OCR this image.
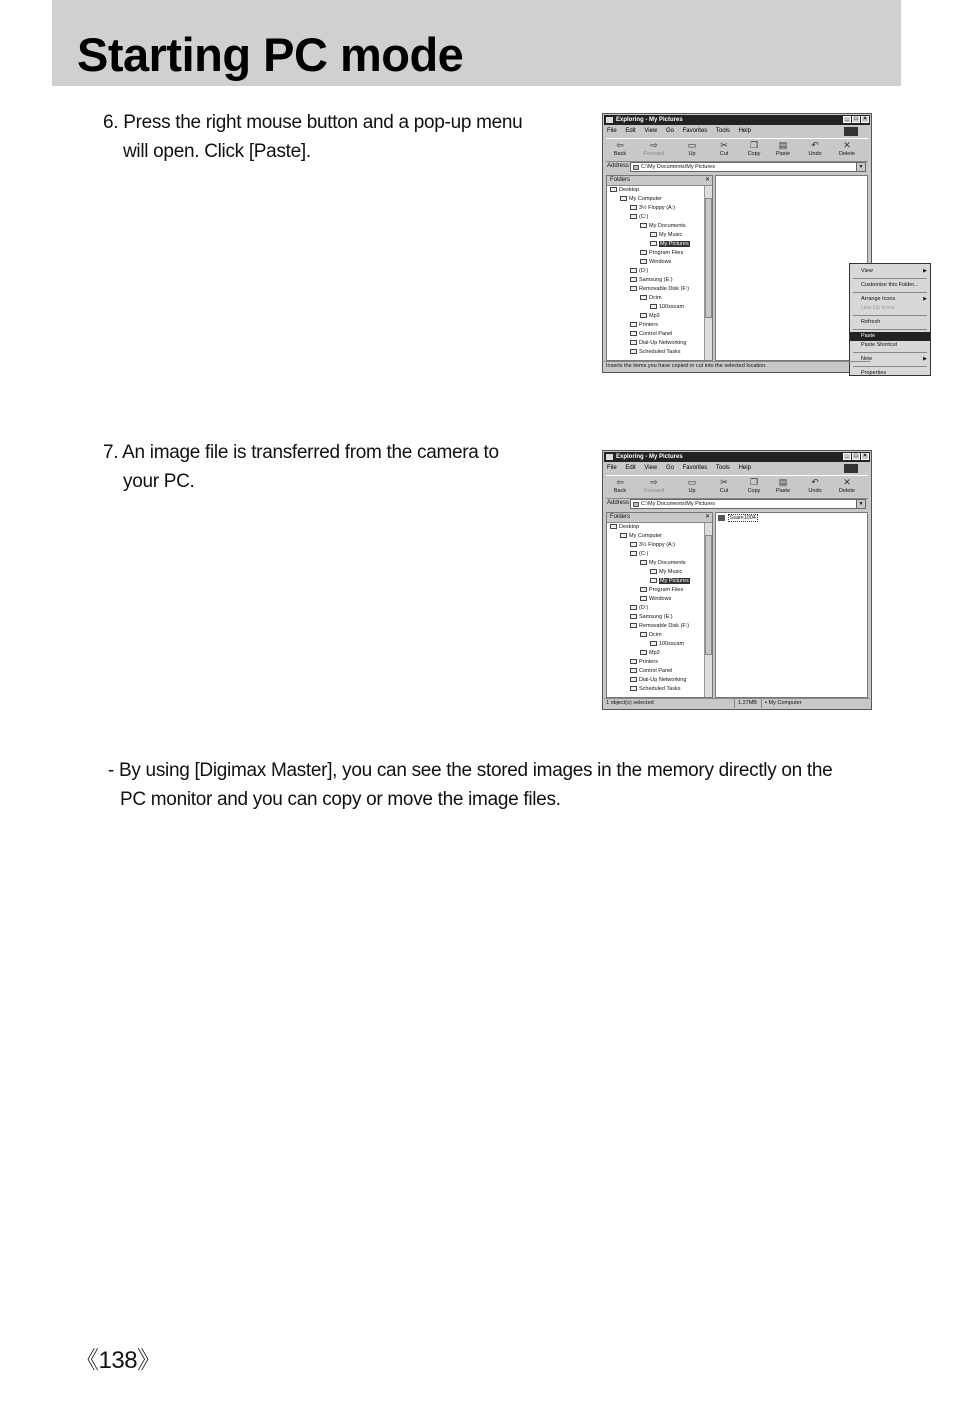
Starting PC mode
6. Press the right mouse button and a pop-up menu
will open. Click [Paste].
7. An image file is transferred from the camera to
your PC.
- By using [Digimax Master], you can see the stored images in the memory directly on the
PC monitor and you can copy or move the image files.
《138》
Exploring - My Pictures	_ □ ×
File Edit View Go Favorites Tools Help
⇦
Back
⇨
Forward
▭
Up
✂
Cut
❐
Copy
▤
Paste
↶
Undo
✕
Delete
Address	C:\My Documents\My Pictures	▼
Folders	✕
Desktop
My Computer
3½ Floppy (A:)
(C:)
My Documents
My Music
My Pictures
Program Files
Windows
(D:)
Samsung (E:)
Removable Disk (F:)
Dcim
100sscam
Mp3
Printers
Control Panel
Dial-Up Networking
Scheduled Tasks
View	▶
Customize this Folder...
Arrange Icons	▶
Line Up Icons
Refresh
Paste
Paste Shortcut
New	▶
Properties
Inserts the items you have copied or cut into the selected location.
Exploring - My Pictures	_ □ ×
File Edit View Go Favorites Tools Help
⇦
Back
⇨
Forward
▭
Up
✂
Cut
❐
Copy
▤
Paste
↶
Undo
✕
Delete
Address	C:\My Documents\My Pictures	▼
Folders	✕
Desktop
My Computer
3½ Floppy (A:)
(C:)
My Documents
My Music
My Pictures
Program Files
Windows
(D:)
Samsung (E:)
Removable Disk (F:)
Dcim
100sscam
Mp3
Printers
Control Panel
Dial-Up Networking
Scheduled Tasks
Ssam1004
1 object(s) selected	1.27MB	▪ My Computer
